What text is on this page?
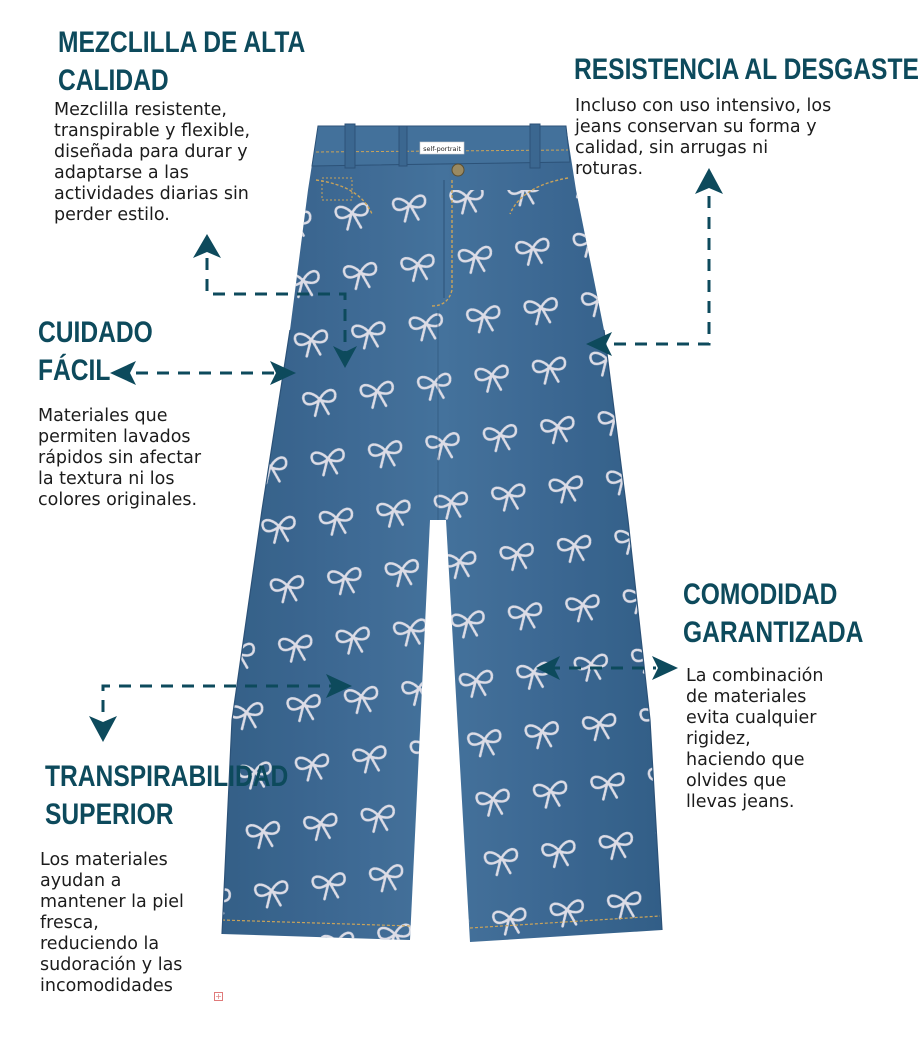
self-portrait
MEZCLILLA DE ALTA
CALIDAD

Mezclilla resistente,
transpirable y flexible,
diseñada para durar y
adaptarse a las
actividades diarias sin
perder estilo.

RESISTENCIA AL DESGASTE

Incluso con uso intensivo, los
jeans conservan su forma y
calidad, sin arrugas ni
roturas.

CUIDADO
FÁCIL

Materiales que
permiten lavados
rápidos sin afectar
la textura ni los
colores originales.

COMODIDAD
GARANTIZADA

La combinación
de materiales
evita cualquier
rigidez,
haciendo que
olvides que
llevas jeans.

TRANSPIRABILIDAD
SUPERIOR

Los materiales
ayudan a
mantener la piel
fresca,
reduciendo la
sudoración y las
incomodidades

+
